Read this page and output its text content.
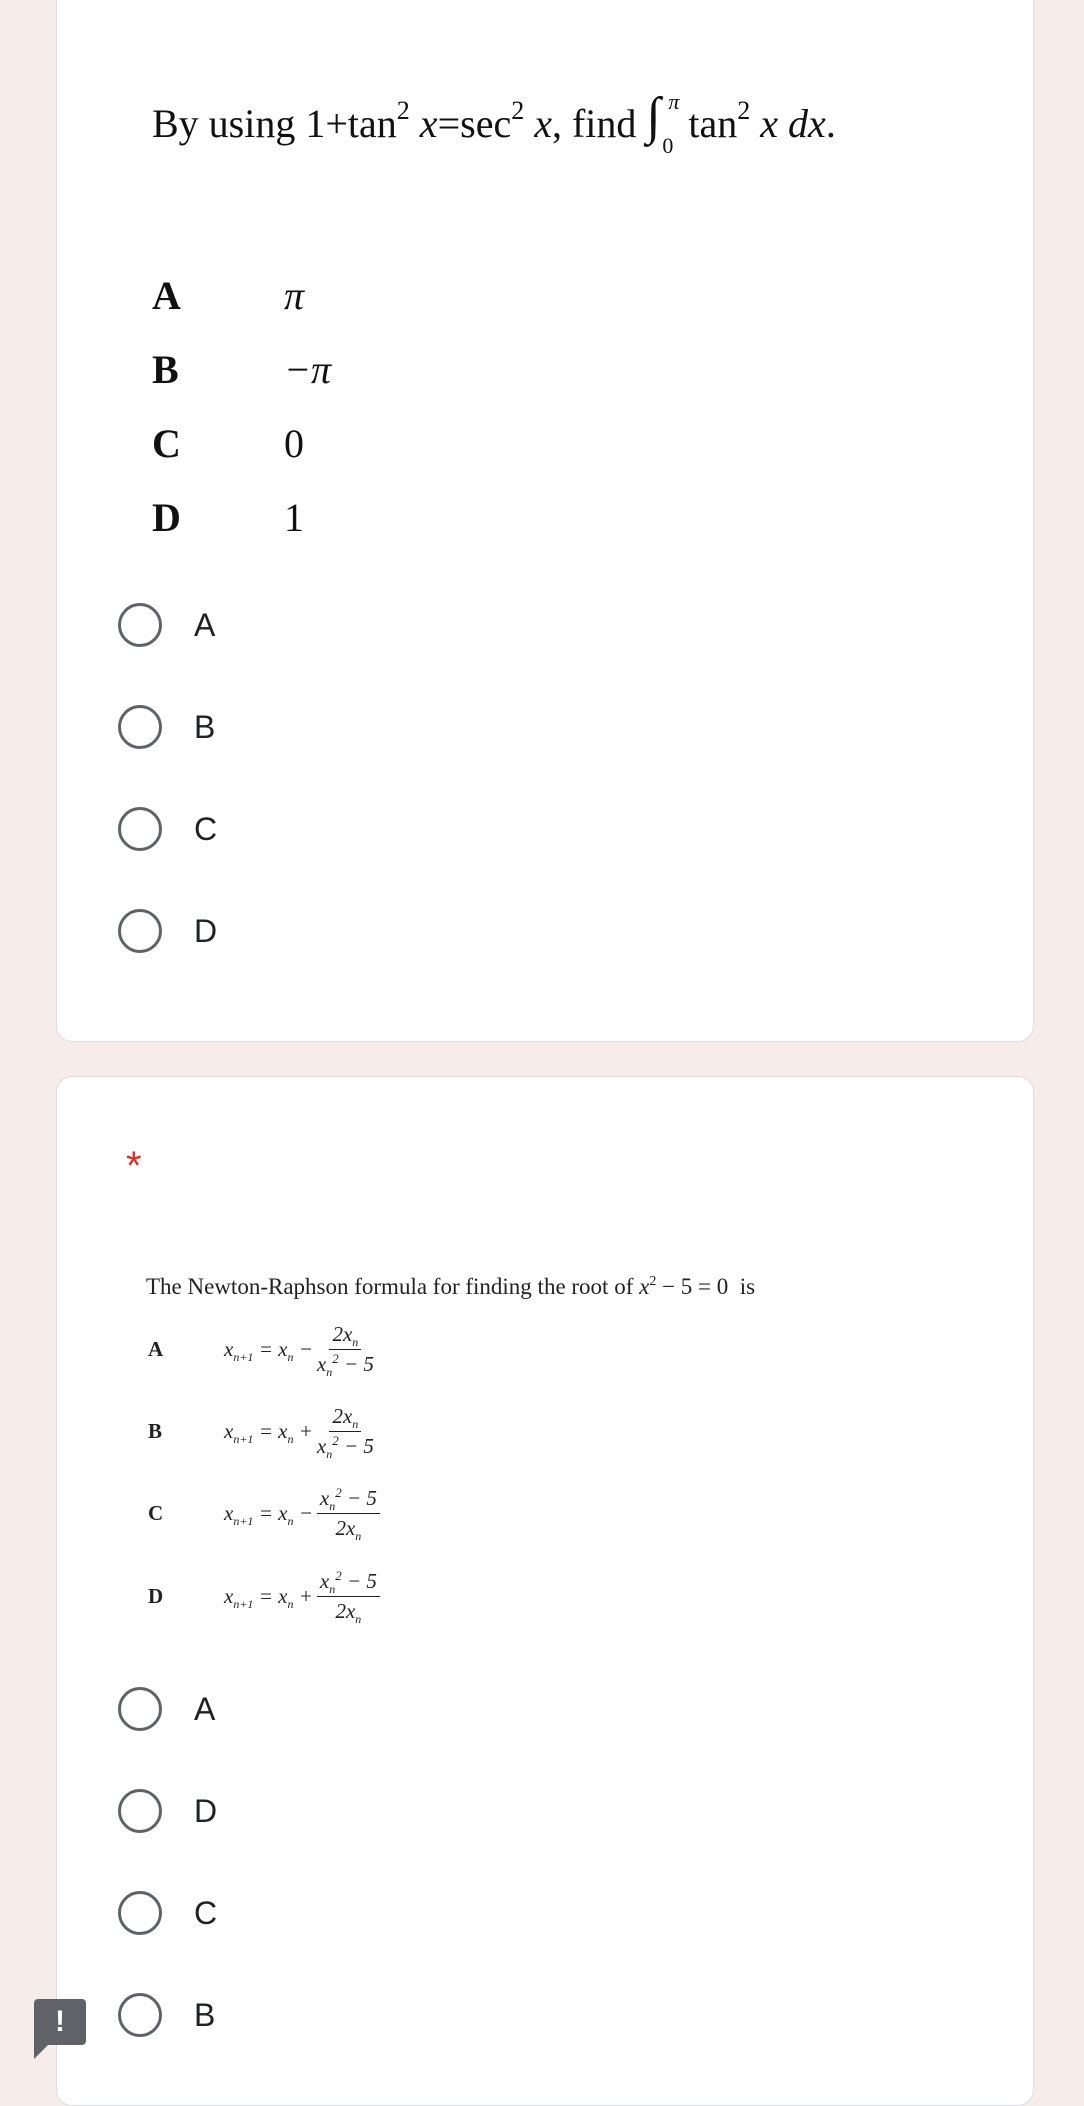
By using $1+\tan^2$ $x=\sec^2$ x, find ∫ π
0 $\tan^2 x$ dx.
A	π
B	−π
C	0
D	1
A
B
C
D
*
The Newton-Raphson formula for finding the root of $x^2 - 5 = 0$ is
A	$x_{n+1} = x_n - \frac{2x_n}{x_n^2 - 5}$
B	$x_{n+1} = x_n + \frac{2x_n}{x_n^2 - 5}$
C	$x_{n+1} = x_n - \frac{x_n^2 - 5}{2x_n}$
D	$x_{n+1} = x_n + \frac{x_n^2 - 5}{2x_n}$
A
D
C
B
!
